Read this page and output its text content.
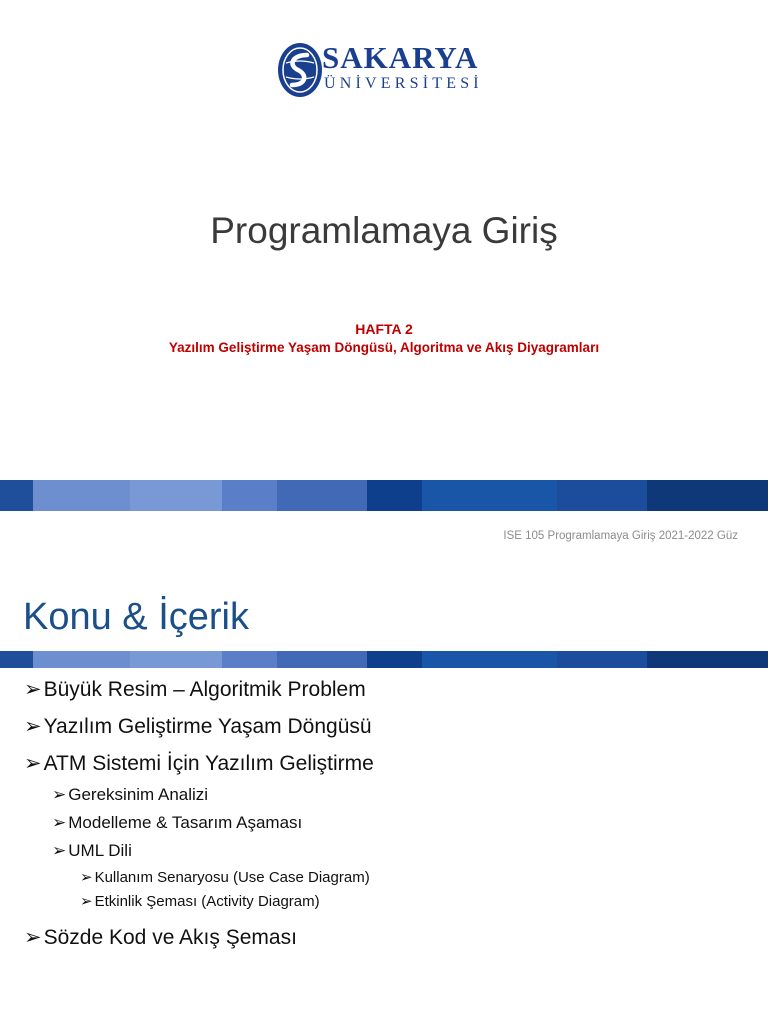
SAKARYA
ÜNİVERSİTESİ
Programlamaya Giriş
HAFTA 2
Yazılım Geliştirme Yaşam Döngüsü, Algoritma ve Akış Diyagramları
ISE 105 Programlamaya Giriş 2021-2022 Güz
Konu & İçerik
➢Büyük Resim – Algoritmik Problem
➢Yazılım Geliştirme Yaşam Döngüsü
➢ATM Sistemi İçin Yazılım Geliştirme
➢ Gereksinim Analizi
➢ Modelleme & Tasarım Aşaması
➢ UML Dili
➢ Kullanım Senaryosu (Use Case Diagram)
➢ Etkinlik Şeması (Activity Diagram)
➢Sözde Kod ve Akış Şeması
